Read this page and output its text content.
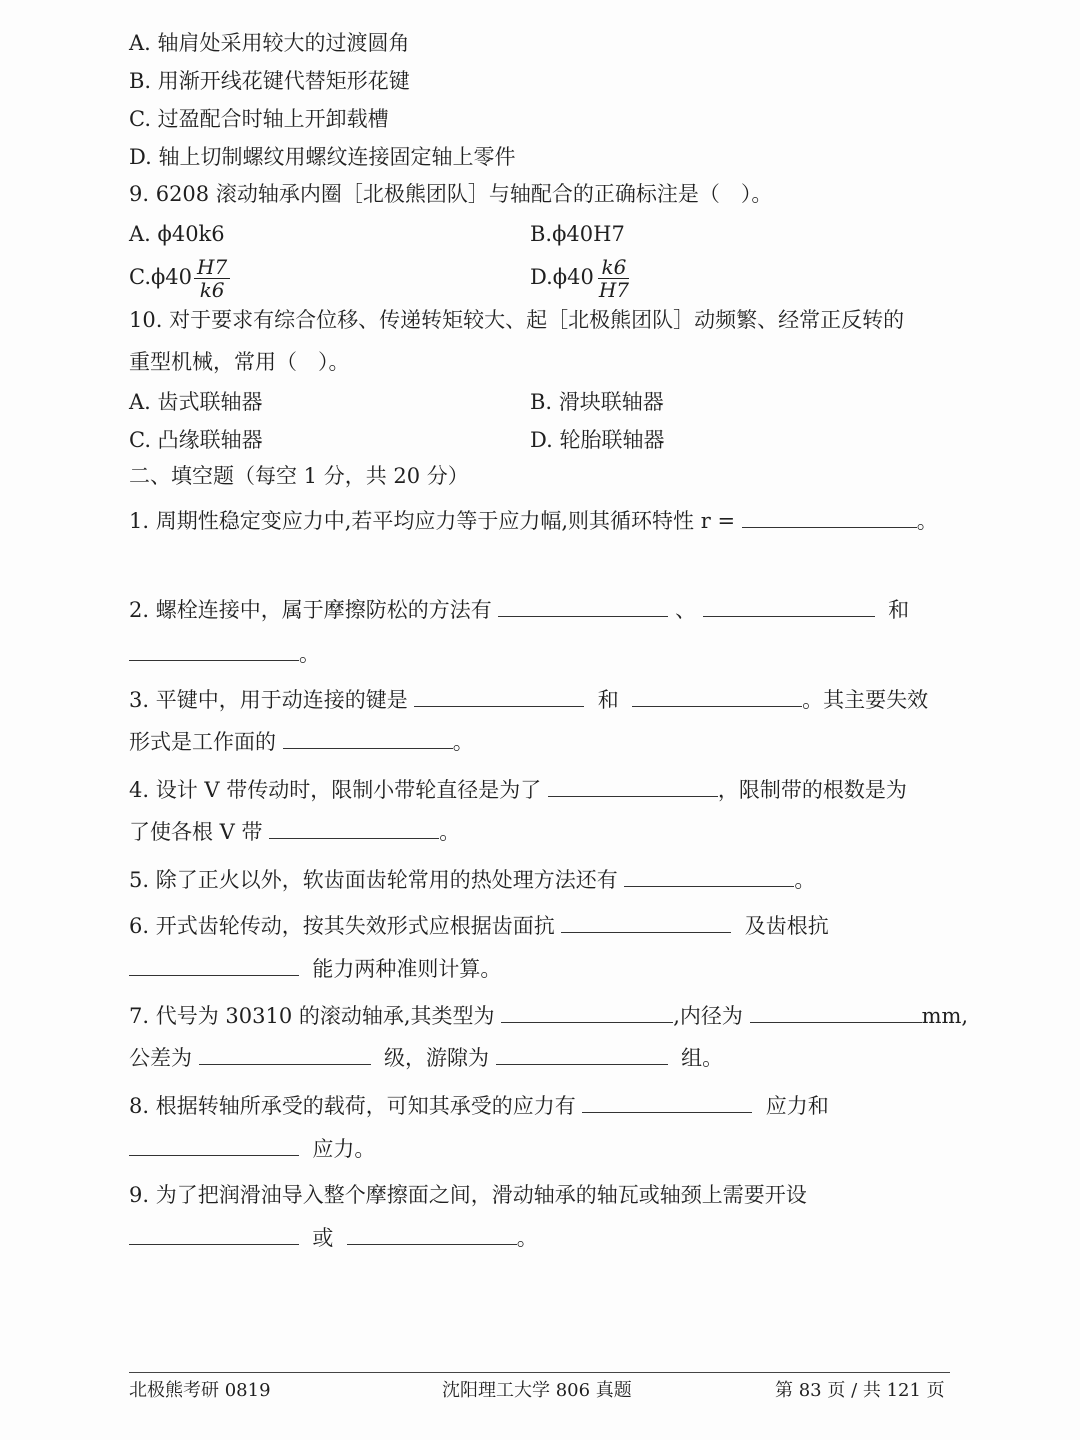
A. 轴肩处采用较大的过渡圆角
B. 用渐开线花键代替矩形花键
C. 过盈配合时轴上开卸载槽
D. 轴上切制螺纹用螺纹连接固定轴上零件
9. 6208 滚动轴承内圈［北极熊团队］与轴配合的正确标注是（　）。
A. ϕ40k6	B.ϕ40H7
$C.\phi 40 \frac{H7}{k6}$	$D.\phi 40 \frac{k6}{H7}$
10. 对于要求有综合位移、传递转矩较大、起［北极熊团队］动频繁、经常正反转的
重型机械，常用（　）。
A. 齿式联轴器	B. 滑块联轴器
C. 凸缘联轴器	D. 轮胎联轴器
二、填空题（每空 1 分，共 20 分）
1. 周期性稳定变应力中,若平均应力等于应力幅,则其循环特性 r =	。
2. 螺栓连接中，属于摩擦防松的方法有	、	和
。
3. 平键中，用于动连接的键是	和	。其主要失效
形式是工作面的	。
4. 设计 V 带传动时，限制小带轮直径是为了	，限制带的根数是为
了使各根 V 带	。
5. 除了正火以外，软齿面齿轮常用的热处理方法还有	。
6. 开式齿轮传动，按其失效形式应根据齿面抗	及齿根抗
能力两种准则计算。
7. 代号为 30310 的滚动轴承,其类型为	,内径为	mm,
公差为	级，游隙为	组。
8. 根据转轴所承受的载荷，可知其承受的应力有	应力和
应力。
9. 为了把润滑油导入整个摩擦面之间，滑动轴承的轴瓦或轴颈上需要开设
或	。
北极熊考研 0819	沈阳理工大学 806 真题	第 83 页 / 共 121 页
